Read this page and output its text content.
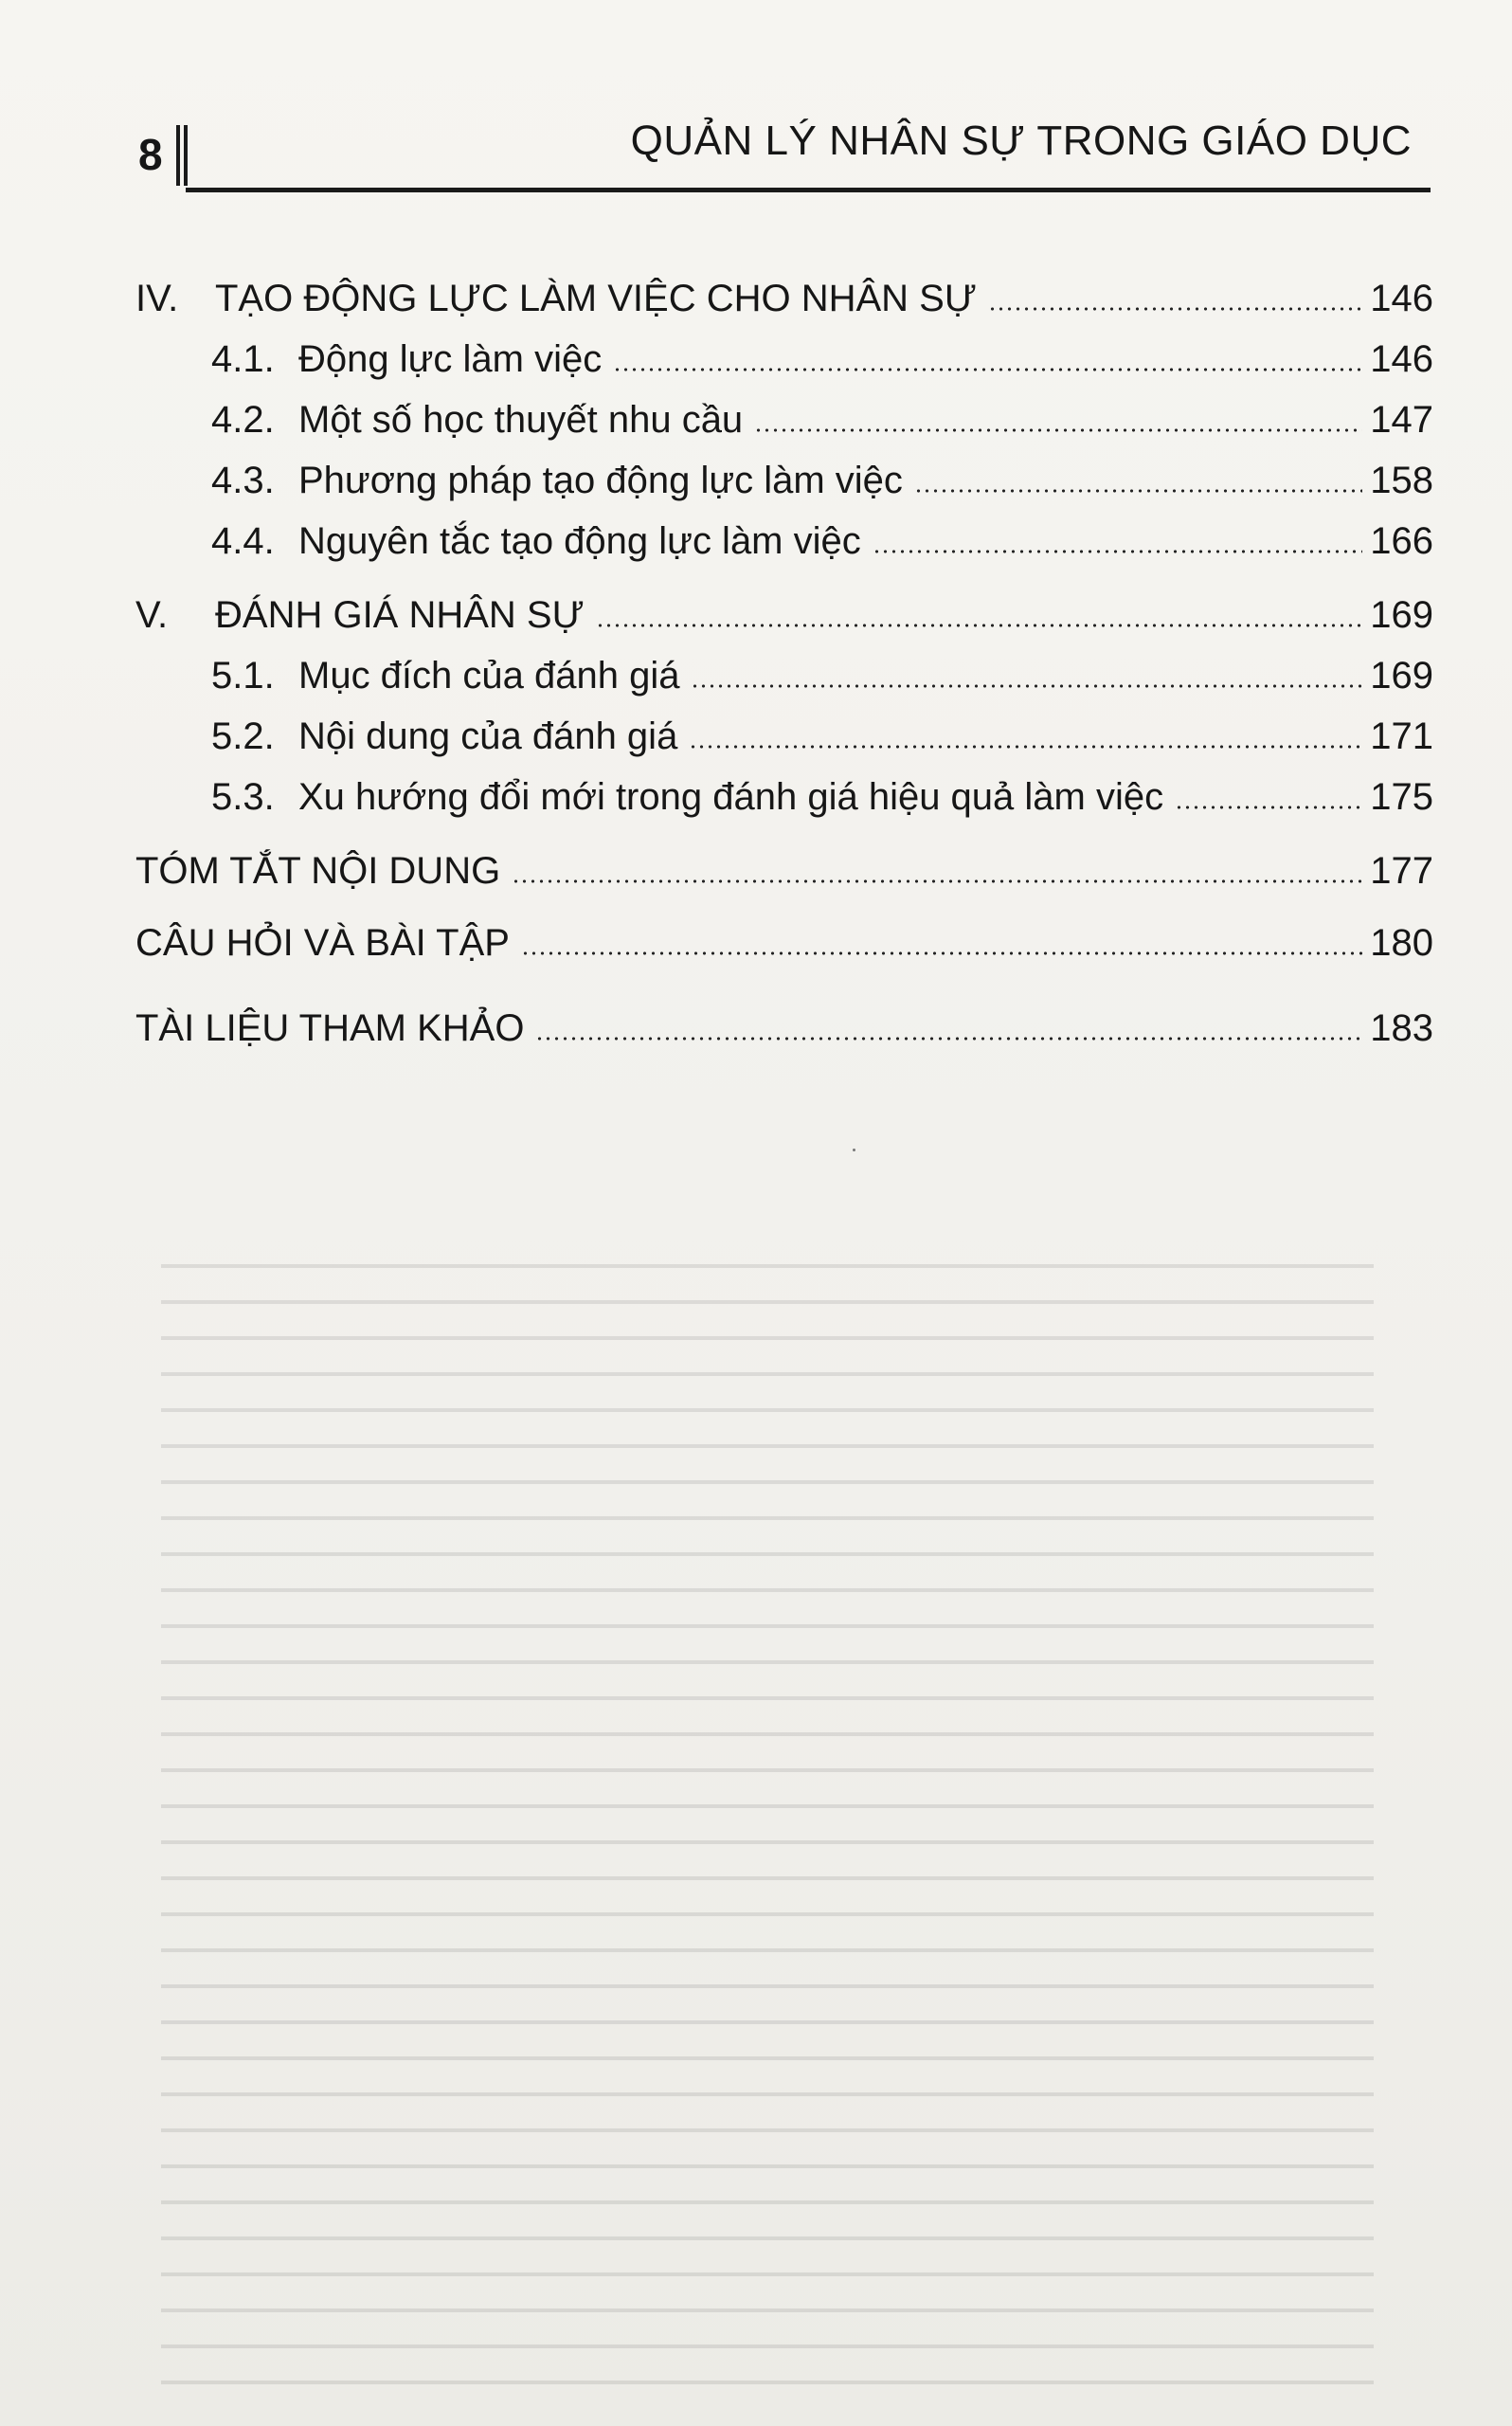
8	QUẢN LÝ NHÂN SỰ TRONG GIÁO DỤC
IV. TẠO ĐỘNG LỰC LÀM VIỆC CHO NHÂN SỰ	146
4.1. Động lực làm việc	146
4.2. Một số học thuyết nhu cầu	147
4.3. Phương pháp tạo động lực làm việc	158
4.4. Nguyên tắc tạo động lực làm việc	166
V. ĐÁNH GIÁ NHÂN SỰ	169
5.1. Mục đích của đánh giá	169
5.2. Nội dung của đánh giá	171
5.3. Xu hướng đổi mới trong đánh giá hiệu quả làm việc	175
TÓM TẮT NỘI DUNG	177
CÂU HỎI VÀ BÀI TẬP	180
TÀI LIỆU THAM KHẢO	183
